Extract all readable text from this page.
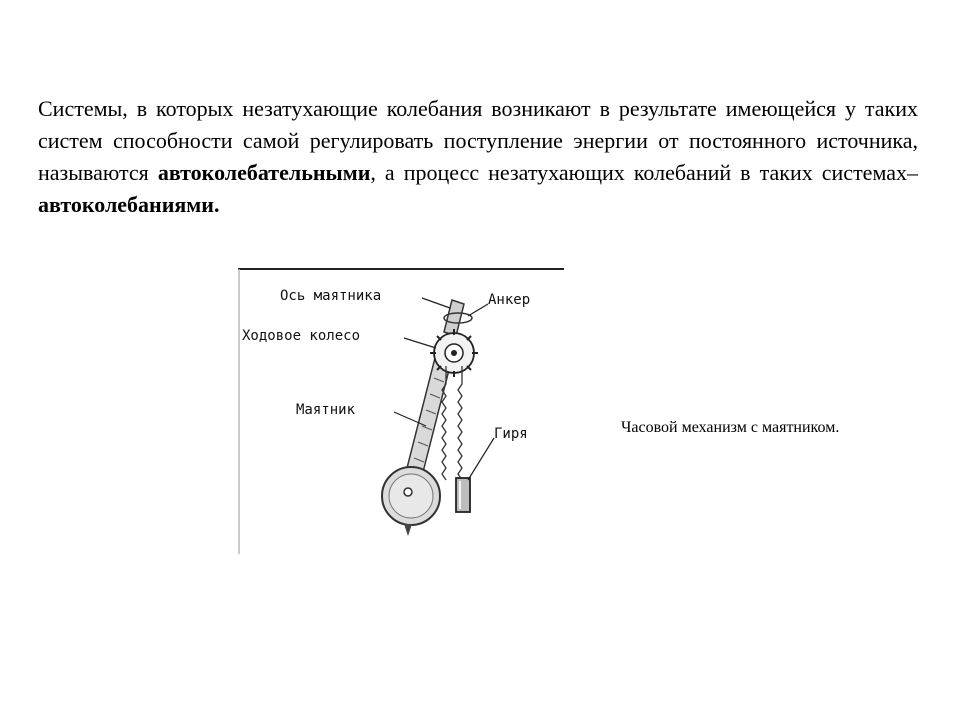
Системы, в которых незатухающие колебания возникают в результате имеющейся у таких систем способности самой регулировать поступление энергии от постоянного источника, называются автоколебательными, а процесс незатухающих колебаний в таких системах–автоколебаниями.
Ось маятника	Анкер
Ходовое колесо
Маятник
Гиря	Часовой механизм с маятником.
